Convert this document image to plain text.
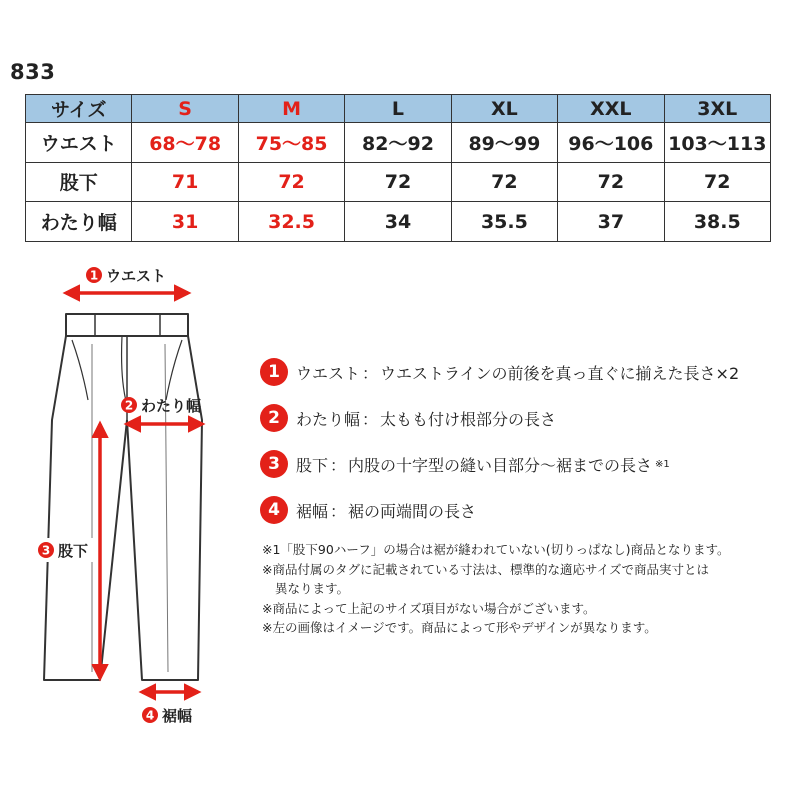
833
サイズ	S	M	L	XL	XXL	3XL
ウエスト	68〜78	75〜85	82〜92	89〜99	96〜106	103〜113
股下	71	72	72	72	72	72
わたり幅	31	32.5	34	35.5	37	38.5
1 ウエスト
2 わたり幅
3 股下
4 裾幅
1	ウエスト ： ウエストラインの前後を真っ直ぐに揃えた長さ×2
2	わたり幅 ： 太もも付け根部分の長さ
3	股下 ： 内股の十字型の縫い目部分〜裾までの長さ ※1
4	裾幅 ： 裾の両端間の長さ
※1「股下90ハーフ」の場合は裾が縫われていない(切りっぱなし)商品となります。
※商品付属のタグに記載されている寸法は、標準的な適応サイズで商品実寸とは
異なります。
※商品によって上記のサイズ項目がない場合がございます。
※左の画像はイメージです。商品によって形やデザインが異なります。
